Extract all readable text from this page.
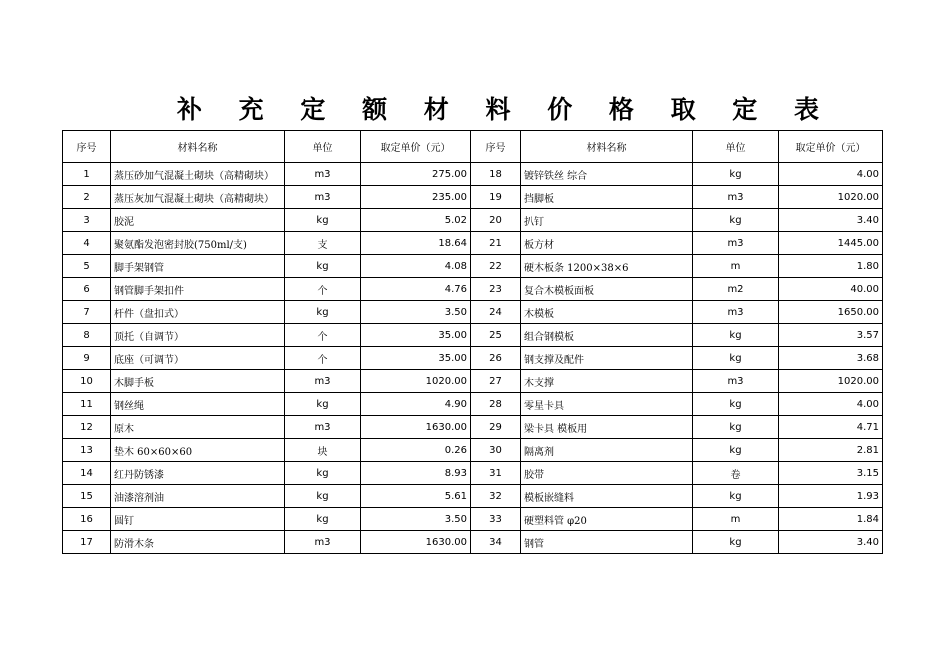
补 充 定 额 材 料 价 格 取 定 表
序号	材料名称	单位	取定单价（元）	序号	材料名称	单位	取定单价（元）
1	蒸压砂加气混凝土砌块（高精砌块）	m3	275.00	18	镀锌铁丝 综合	kg	4.00
2	蒸压灰加气混凝土砌块（高精砌块）	m3	235.00	19	挡脚板	m3	1020.00
3	胶泥	kg	5.02	20	扒钉	kg	3.40
4	聚氨酯发泡密封胶(750ml/支)	支	18.64	21	板方材	m3	1445.00
5	脚手架钢管	kg	4.08	22	硬木板条 1200×38×6	m	1.80
6	钢管脚手架扣件	个	4.76	23	复合木模板面板	m2	40.00
7	杆件（盘扣式）	kg	3.50	24	木模板	m3	1650.00
8	顶托（自调节）	个	35.00	25	组合钢模板	kg	3.57
9	底座（可调节）	个	35.00	26	钢支撑及配件	kg	3.68
10	木脚手板	m3	1020.00	27	木支撑	m3	1020.00
11	钢丝绳	kg	4.90	28	零星卡具	kg	4.00
12	原木	m3	1630.00	29	梁卡具 模板用	kg	4.71
13	垫木 60×60×60	块	0.26	30	隔离剂	kg	2.81
14	红丹防锈漆	kg	8.93	31	胶带	卷	3.15
15	油漆溶剂油	kg	5.61	32	模板嵌缝料	kg	1.93
16	圆钉	kg	3.50	33	硬塑料管 φ20	m	1.84
17	防滑木条	m3	1630.00	34	钢管	kg	3.40
